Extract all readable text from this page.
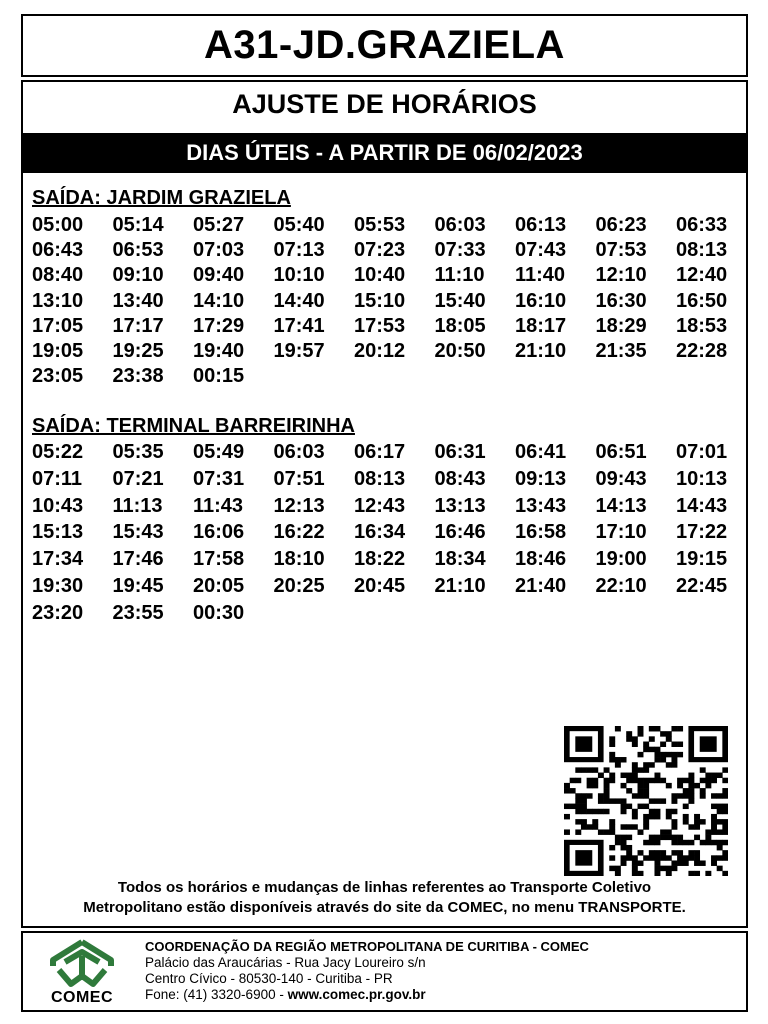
A31-JD.GRAZIELA
AJUSTE DE HORÁRIOS
DIAS ÚTEIS - A PARTIR DE 06/02/2023
SAÍDA: JARDIM GRAZIELA
05:00	05:14	05:27	05:40	05:53	06:03	06:13	06:23	06:33
06:43	06:53	07:03	07:13	07:23	07:33	07:43	07:53	08:13
08:40	09:10	09:40	10:10	10:40	11:10	11:40	12:10	12:40
13:10	13:40	14:10	14:40	15:10	15:40	16:10	16:30	16:50
17:05	17:17	17:29	17:41	17:53	18:05	18:17	18:29	18:53
19:05	19:25	19:40	19:57	20:12	20:50	21:10	21:35	22:28
23:05	23:38	00:15
SAÍDA: TERMINAL BARREIRINHA
05:22	05:35	05:49	06:03	06:17	06:31	06:41	06:51	07:01
07:11	07:21	07:31	07:51	08:13	08:43	09:13	09:43	10:13
10:43	11:13	11:43	12:13	12:43	13:13	13:43	14:13	14:43
15:13	15:43	16:06	16:22	16:34	16:46	16:58	17:10	17:22
17:34	17:46	17:58	18:10	18:22	18:34	18:46	19:00	19:15
19:30	19:45	20:05	20:25	20:45	21:10	21:40	22:10	22:45
23:20	23:55	00:30
Todos os horários e mudanças de linhas referentes ao Transporte Coletivo
Metropolitano estão disponíveis através do site da COMEC, no menu TRANSPORTE.
COMEC
COORDENAÇÃO DA REGIÃO METROPOLITANA DE CURITIBA - COMEC
Palácio das Araucárias - Rua Jacy Loureiro s/n
Centro Cívico - 80530-140 - Curitiba - PR
Fone: (41) 3320-6900 - www.comec.pr.gov.br
